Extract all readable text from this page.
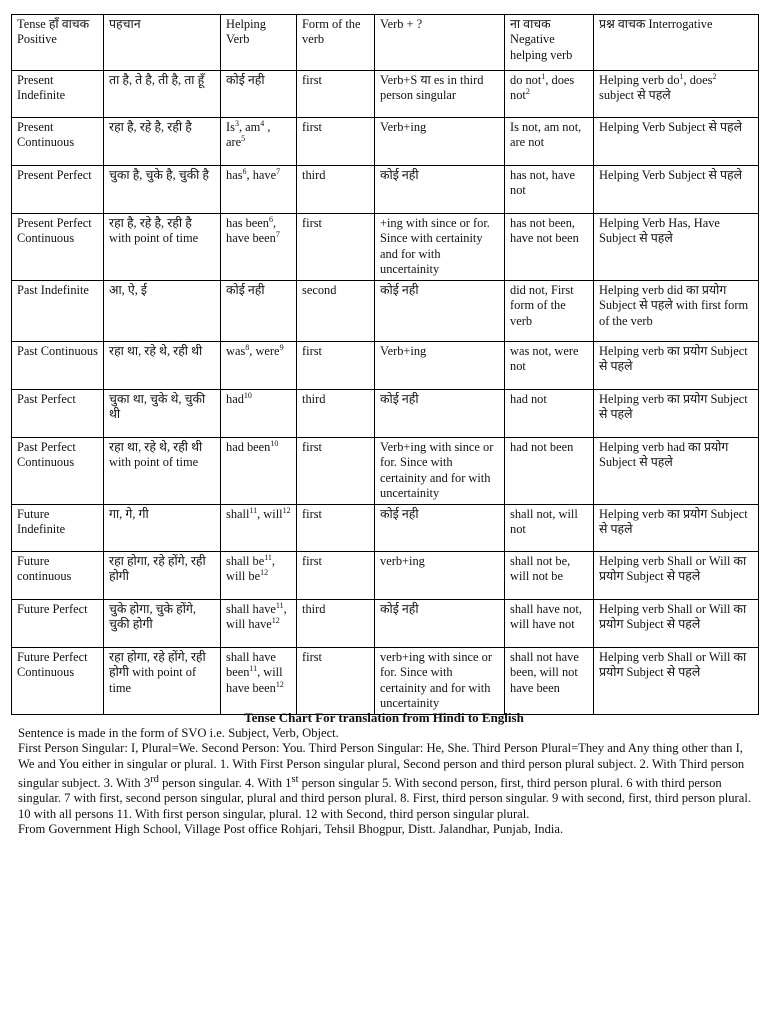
Tense हाँ वाचक Positive	पहचान	Helping Verb	Form of the verb	Verb + ?	ना वाचक Negative helping verb	प्रश्न वाचक Interrogative
Present Indefinite	ता है, ते है, ती है, ता हूँ	कोई नही	first	Verb+S या es in third person singular	do not$^1$, does not$^2$	Helping verb $do^1$, does$^2$ subject से पहले
Present Continuous	रहा है, रहे है, रही है	Is$^3$, $am^4$ , are$^5$	first	Verb+ing	Is not, am not, are not	Helping Verb Subject से पहले
Present Perfect	चुका है, चुके है, चुकी है	has$^6$, have$^7$	third	कोई नही	has not, have not	Helping Verb Subject से पहले
Present Perfect Continuous	रहा है, रहे है, रही है with point of time	has been$^6$, have been$^7$	first	+ing with since or for. Since with certainity and for with uncertainity	has not been, have not been	Helping Verb Has, Have Subject से पहले
Past Indefinite	आ, ऐ, ई	कोई नही	second	कोई नही	did not, First form of the verb	Helping verb did का प्रयोग Subject से पहले with first form of the verb
Past Continuous	रहा था, रहे थे, रही थी	was$^8$, were$^9$	first	Verb+ing	was not, were not	Helping verb का प्रयोग Subject से पहले
Past Perfect	चुका था, चुके थे, चुकी थी	had$^{10}$	third	कोई नही	had not	Helping verb का प्रयोग Subject से पहले
Past Perfect Continuous	रहा था, रहे थे, रही थी with point of time	had been$^{10}$	first	Verb+ing with since or for. Since with certainity and for with uncertainity	had not been	Helping verb had का प्रयोग Subject से पहले
Future Indefinite	गा, गे, गी	shall$^{11}$, will$^{12}$	first	कोई नही	shall not, will not	Helping verb का प्रयोग Subject से पहले
Future continuous	रहा होगा, रहे होंगे, रही होगी	shall $be^{11}$, will $be^{12}$	first	verb+ing	shall not be, will not be	Helping verb Shall or Will का प्रयोग Subject से पहले
Future Perfect	चुके होगा, चुके होंगे, चुकी होगी	shall have$^{11}$, will have$^{12}$	third	कोई नही	shall have not, will have not	Helping verb Shall or Will का प्रयोग Subject से पहले
Future Perfect Continuous	रहा होगा, रहे होंगे, रही होगी with point of time	shall have been$^{11}$, will have been$^{12}$	first	verb+ing with since or for. Since with certainity and for with uncertainity	shall not have been, will not have been	Helping verb Shall or Will का प्रयोग Subject से पहले
Tense Chart For translation from Hindi to English

Sentence is made in the form of SVO i.e. Subject, Verb, Object.

First Person Singular: I, Plural=We. Second Person: You. Third Person Singular: He, She. Third Person Plural=They and Any thing other than I, We and You either in singular or plural. 1. With First Person singular plural, Second person and third person plural subject. 2. With Third person singular subject. 3. With 3rd person singular. 4. With 1st person singular 5. With second person, first, third person plural. 6 with third person singular. 7 with first, second person singular, plural and third person plural. 8. First, third person singular. 9 with second, first, third person plural. 10 with all persons 11. With first person singular, plural. 12 with Second, third person singular plural.

From Government High School, Village Post office Rohjari, Tehsil Bhogpur, Distt. Jalandhar, Punjab, India.
